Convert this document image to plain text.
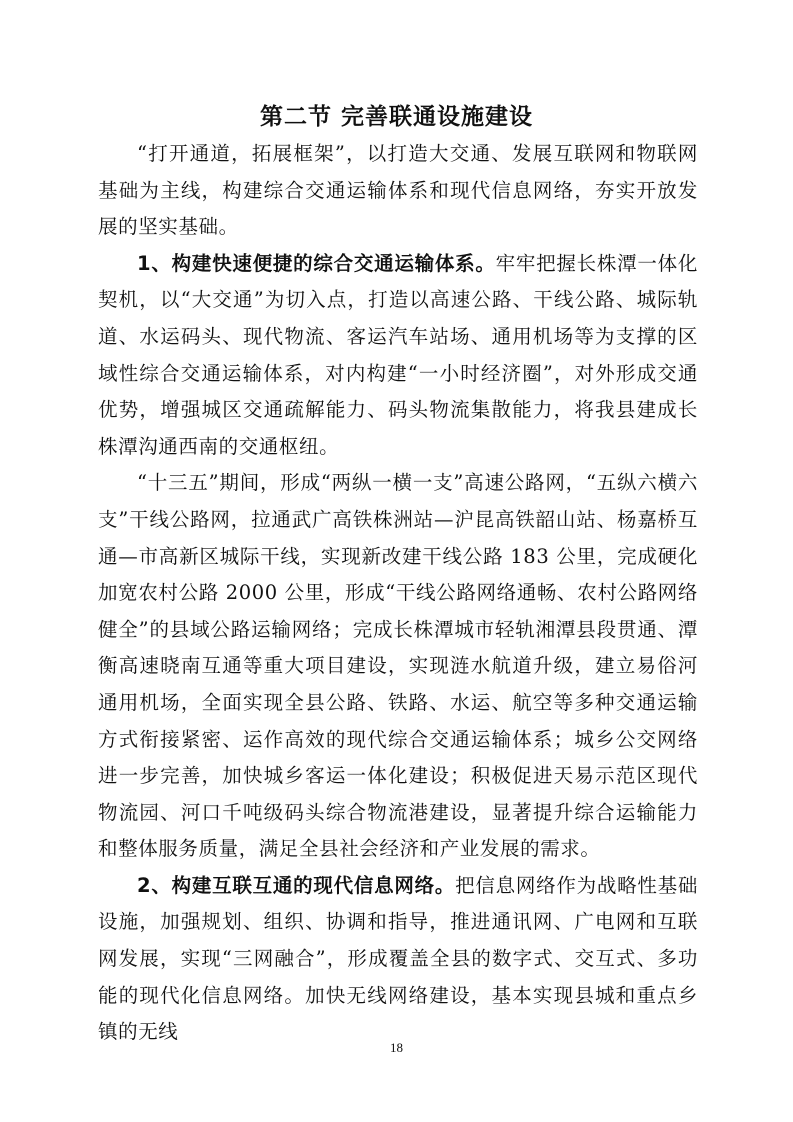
第二节 完善联通设施建设

“打开通道，拓展框架”，以打造大交通、发展互联网和物联网基础为主线，构建综合交通运输体系和现代信息网络，夯实开放发展的坚实基础。

1、构建快速便捷的综合交通运输体系。牢牢把握长株潭一体化契机，以“大交通”为切入点，打造以高速公路、干线公路、城际轨道、水运码头、现代物流、客运汽车站场、通用机场等为支撑的区域性综合交通运输体系，对内构建“一小时经济圈”，对外形成交通优势，增强城区交通疏解能力、码头物流集散能力，将我县建成长株潭沟通西南的交通枢纽。

“十三五”期间，形成“两纵一横一支”高速公路网，“五纵六横六支”干线公路网，拉通武广高铁株洲站—沪昆高铁韶山站、杨嘉桥互通—市高新区城际干线，实现新改建干线公路 183 公里，完成硬化加宽农村公路 2000 公里，形成“干线公路网络通畅、农村公路网络健全”的县域公路运输网络；完成长株潭城市轻轨湘潭县段贯通、潭衡高速晓南互通等重大项目建设，实现涟水航道升级，建立易俗河通用机场，全面实现全县公路、铁路、水运、航空等多种交通运输方式衔接紧密、运作高效的现代综合交通运输体系；城乡公交网络进一步完善，加快城乡客运一体化建设；积极促进天易示范区现代物流园、河口千吨级码头综合物流港建设，显著提升综合运输能力和整体服务质量，满足全县社会经济和产业发展的需求。

2、构建互联互通的现代信息网络。把信息网络作为战略性基础设施，加强规划、组织、协调和指导，推进通讯网、广电网和互联网发展，实现“三网融合”，形成覆盖全县的数字式、交互式、多功能的现代化信息网络。加快无线网络建设，基本实现县城和重点乡镇的无线

18
